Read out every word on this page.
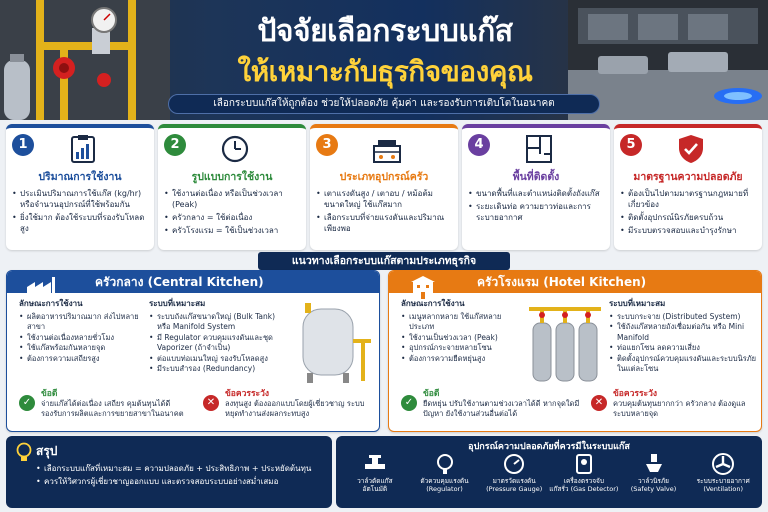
ปัจจัยเลือกระบบแก๊ส
ให้เหมาะกับธุรกิจของคุณ
เลือกระบบแก๊สให้ถูกต้อง ช่วยให้ปลอดภัย คุ้มค่า และรองรับการเติบโตในอนาคต
1
ปริมาณการใช้งาน
• ประเมินปริมาณการใช้แก๊ส (kg/hr) หรือจำนวนอุปกรณ์ที่ใช้พร้อมกัน
• ยิ่งใช้มาก ต้องใช้ระบบที่รองรับโหลดสูง
2
รูปแบบการใช้งาน
• ใช้งานต่อเนื่อง หรือเป็นช่วงเวลา (Peak)
• ครัวกลาง = ใช้ต่อเนื่อง
• ครัวโรงแรม = ใช้เป็นช่วงเวลา
3
ประเภทอุปกรณ์ครัว
• เตาแรงดันสูง / เตาอบ / หม้อต้มขนาดใหญ่ ใช้แก๊สมาก
• เลือกระบบที่จ่ายแรงดันและปริมาณเพียงพอ
4
พื้นที่ติดตั้ง
• ขนาดพื้นที่และตำแหน่งติดตั้งถังแก๊ส
• ระยะเดินท่อ ความยาวท่อและการระบายอากาศ
5
มาตรฐานความปลอดภัย
• ต้องเป็นไปตามมาตรฐานกฎหมายที่เกี่ยวข้อง
• ติดตั้งอุปกรณ์นิรภัยครบถ้วน
• มีระบบตรวจสอบและบำรุงรักษา
แนวทางเลือกระบบแก๊สตามประเภทธุรกิจ
ครัวกลาง (Central Kitchen)
ลักษณะการใช้งาน
• ผลิตอาหารปริมาณมาก ส่งไปหลายสาขา
• ใช้งานต่อเนื่องหลายชั่วโมง
• ใช้แก๊สพร้อมกันหลายจุด
• ต้องการความเสถียรสูง
ระบบที่เหมาะสม
• ระบบถังแก๊สขนาดใหญ่ (Bulk Tank) หรือ Manifold System
• มี Regulator ควบคุมแรงดันและชุด Vaporizer (ถ้าจำเป็น)
• ต่อแบบท่อเมนใหญ่ รองรับโหลดสูง
• มีระบบสำรอง (Redundancy)
✓
ข้อดี
จ่ายแก๊สได้ต่อเนื่อง เสถียร คุมต้นทุนได้ดี รองรับการผลิตและการขยายสาขาในอนาคต
✕
ข้อควรระวัง
ลงทุนสูง ต้องออกแบบโดยผู้เชี่ยวชาญ ระบบหยุดทำงานส่งผลกระทบสูง
ครัวโรงแรม (Hotel Kitchen)
ลักษณะการใช้งาน
• เมนูหลากหลาย ใช้แก๊สหลายประเภท
• ใช้งานเป็นช่วงเวลา (Peak)
• อุปกรณ์กระจายหลายโซน
• ต้องการความยืดหยุ่นสูง
ระบบที่เหมาะสม
• ระบบกระจาย (Distributed System)
• ใช้ถังแก๊สหลายถังเชื่อมต่อกัน หรือ Mini Manifold
• ท่อแยกโซน ลดความเสี่ยง
• ติดตั้งอุปกรณ์ควบคุมแรงดันและระบบนิรภัยในแต่ละโซน
✓
ข้อดี
ยืดหยุ่น ปรับใช้งานตามช่วงเวลาได้ดี หากจุดใดมีปัญหา ยังใช้งานส่วนอื่นต่อได้
✕
ข้อควรระวัง
ควบคุมต้นทุนยากกว่า ครัวกลาง ต้องดูแลระบบหลายจุด
สรุป
• เลือกระบบแก๊สที่เหมาะสม = ความปลอดภัย + ประสิทธิภาพ + ประหยัดต้นทุน
• ควรให้วิศวกรผู้เชี่ยวชาญออกแบบ และตรวจสอบระบบอย่างสม่ำเสมอ
อุปกรณ์ความปลอดภัยที่ควรมีในระบบแก๊ส
วาล์วตัดแก๊ส
อัตโนมัติ
ตัวควบคุมแรงดัน
(Regulator)
มาตรวัดแรงดัน
(Pressure Gauge)
เครื่องตรวจจับ
แก๊สรั่ว (Gas Detector)
วาล์วนิรภัย
(Safety Valve)
ระบบระบายอากาศ
(Ventilation)
